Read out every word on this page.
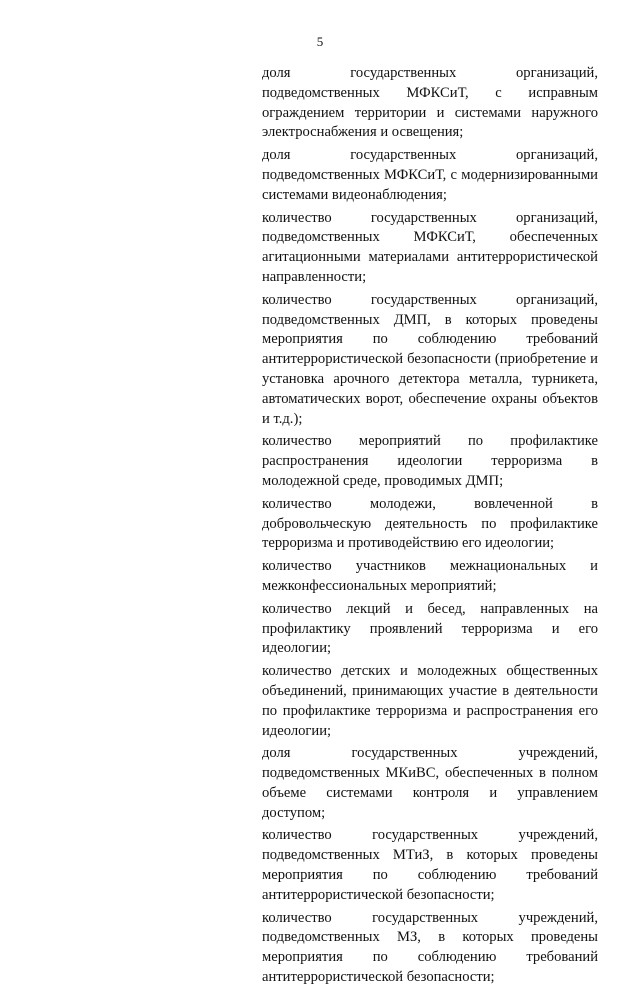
5

доля государственных организаций, подведомственных МФКСиТ, с исправным ограждением территории и системами наружного электроснабжения и освещения;

доля государственных организаций, подведомственных МФКСиТ, с модернизированными системами видеонаблюдения;

количество государственных организаций, подведомственных МФКСиТ, обеспеченных агитационными материалами антитеррористической направленности;

количество государственных организаций, подведомственных ДМП, в которых проведены мероприятия по соблюдению требований антитеррористической безопасности (приобретение и установка арочного детектора металла, турникета, автоматических ворот, обеспечение охраны объектов и т.д.);

количество мероприятий по профилактике распространения идеологии терроризма в молодежной среде, проводимых ДМП;

количество молодежи, вовлеченной в добровольческую деятельность по профилактике терроризма и противодействию его идеологии;

количество участников межнациональных и межконфессиональных мероприятий;

количество лекций и бесед, направленных на профилактику проявлений терроризма и его идеологии;

количество детских и молодежных общественных объединений, принимающих участие в деятельности по профилактике терроризма и распространения его идеологии;

доля государственных учреждений, подведомственных МКиВС, обеспеченных в полном объеме системами контроля и управлением доступом;

количество государственных учреждений, подведомственных МТиЗ, в которых проведены мероприятия по соблюдению требований антитеррористической безопасности;

количество государственных учреждений, подведомственных МЗ, в которых проведены мероприятия по соблюдению требований антитеррористической безопасности;
